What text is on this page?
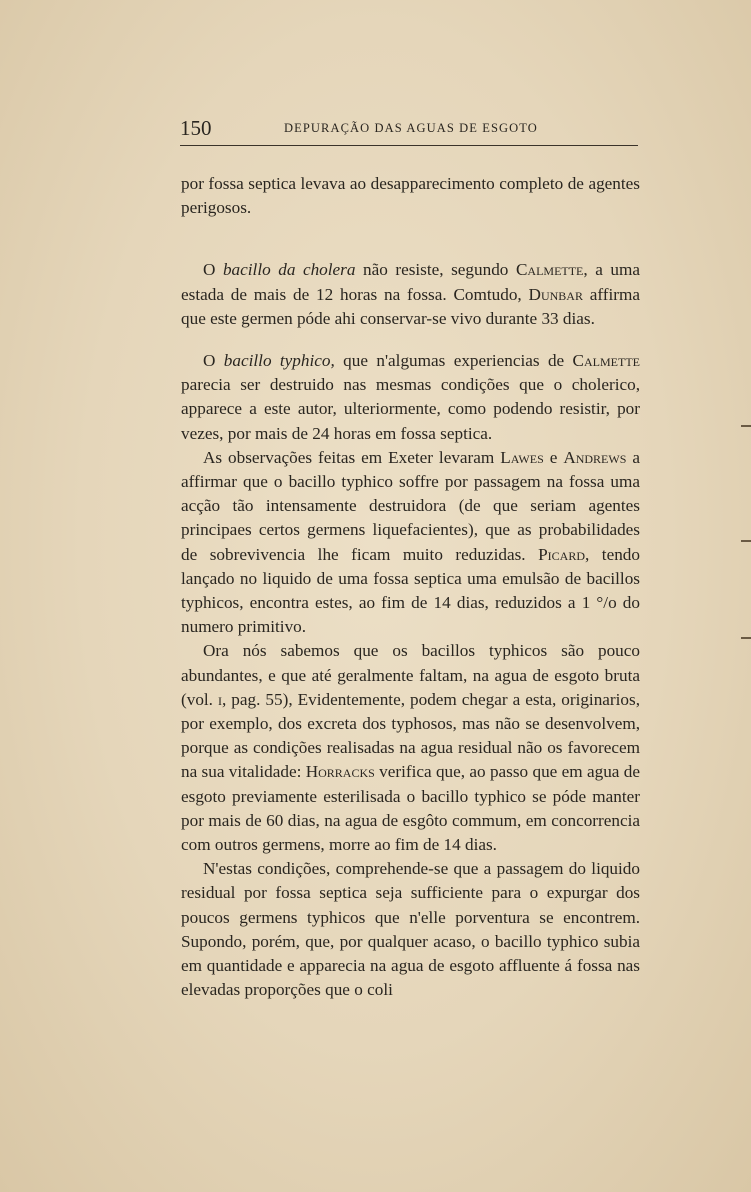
150	DEPURAÇÃO DAS AGUAS DE ESGOTO

por fossa septica levava ao desapparecimento completo de agentes perigosos.

O bacillo da cholera não resiste, segundo Calmette, a uma estada de mais de 12 horas na fossa. Comtudo, Dunbar affirma que este germen póde ahi conservar-se vivo durante 33 dias.

O bacillo typhico, que n'algumas experiencias de Calmette parecia ser destruido nas mesmas condições que o cholerico, apparece a este autor, ulteriormente, como podendo resistir, por vezes, por mais de 24 horas em fossa septica.

As observações feitas em Exeter levaram Lawes e Andrews a affirmar que o bacillo typhico soffre por passagem na fossa uma acção tão intensamente destruidora (de que seriam agentes principaes certos germens liquefacientes), que as probabilidades de sobrevivencia lhe ficam muito reduzidas. Picard, tendo lançado no liquido de uma fossa septica uma emulsão de bacillos typhicos, encontra estes, ao fim de 14 dias, reduzidos a 1 °/o do numero primitivo.

Ora nós sabemos que os bacillos typhicos são pouco abundantes, e que até geralmente faltam, na agua de esgoto bruta (vol. i, pag. 55), Evidentemente, podem chegar a esta, originarios, por exemplo, dos excreta dos typhosos, mas não se desenvolvem, porque as condições realisadas na agua residual não os favorecem na sua vitalidade: Horracks verifica que, ao passo que em agua de esgoto previamente esterilisada o bacillo typhico se póde manter por mais de 60 dias, na agua de esgôto commum, em concorrencia com outros germens, morre ao fim de 14 dias.

N'estas condições, comprehende-se que a passagem do liquido residual por fossa septica seja sufficiente para o expurgar dos poucos germens typhicos que n'elle porventura se encontrem. Supondo, porém, que, por qualquer acaso, o bacillo typhico subia em quantidade e apparecia na agua de esgoto affluente á fossa nas elevadas proporções que o coli
